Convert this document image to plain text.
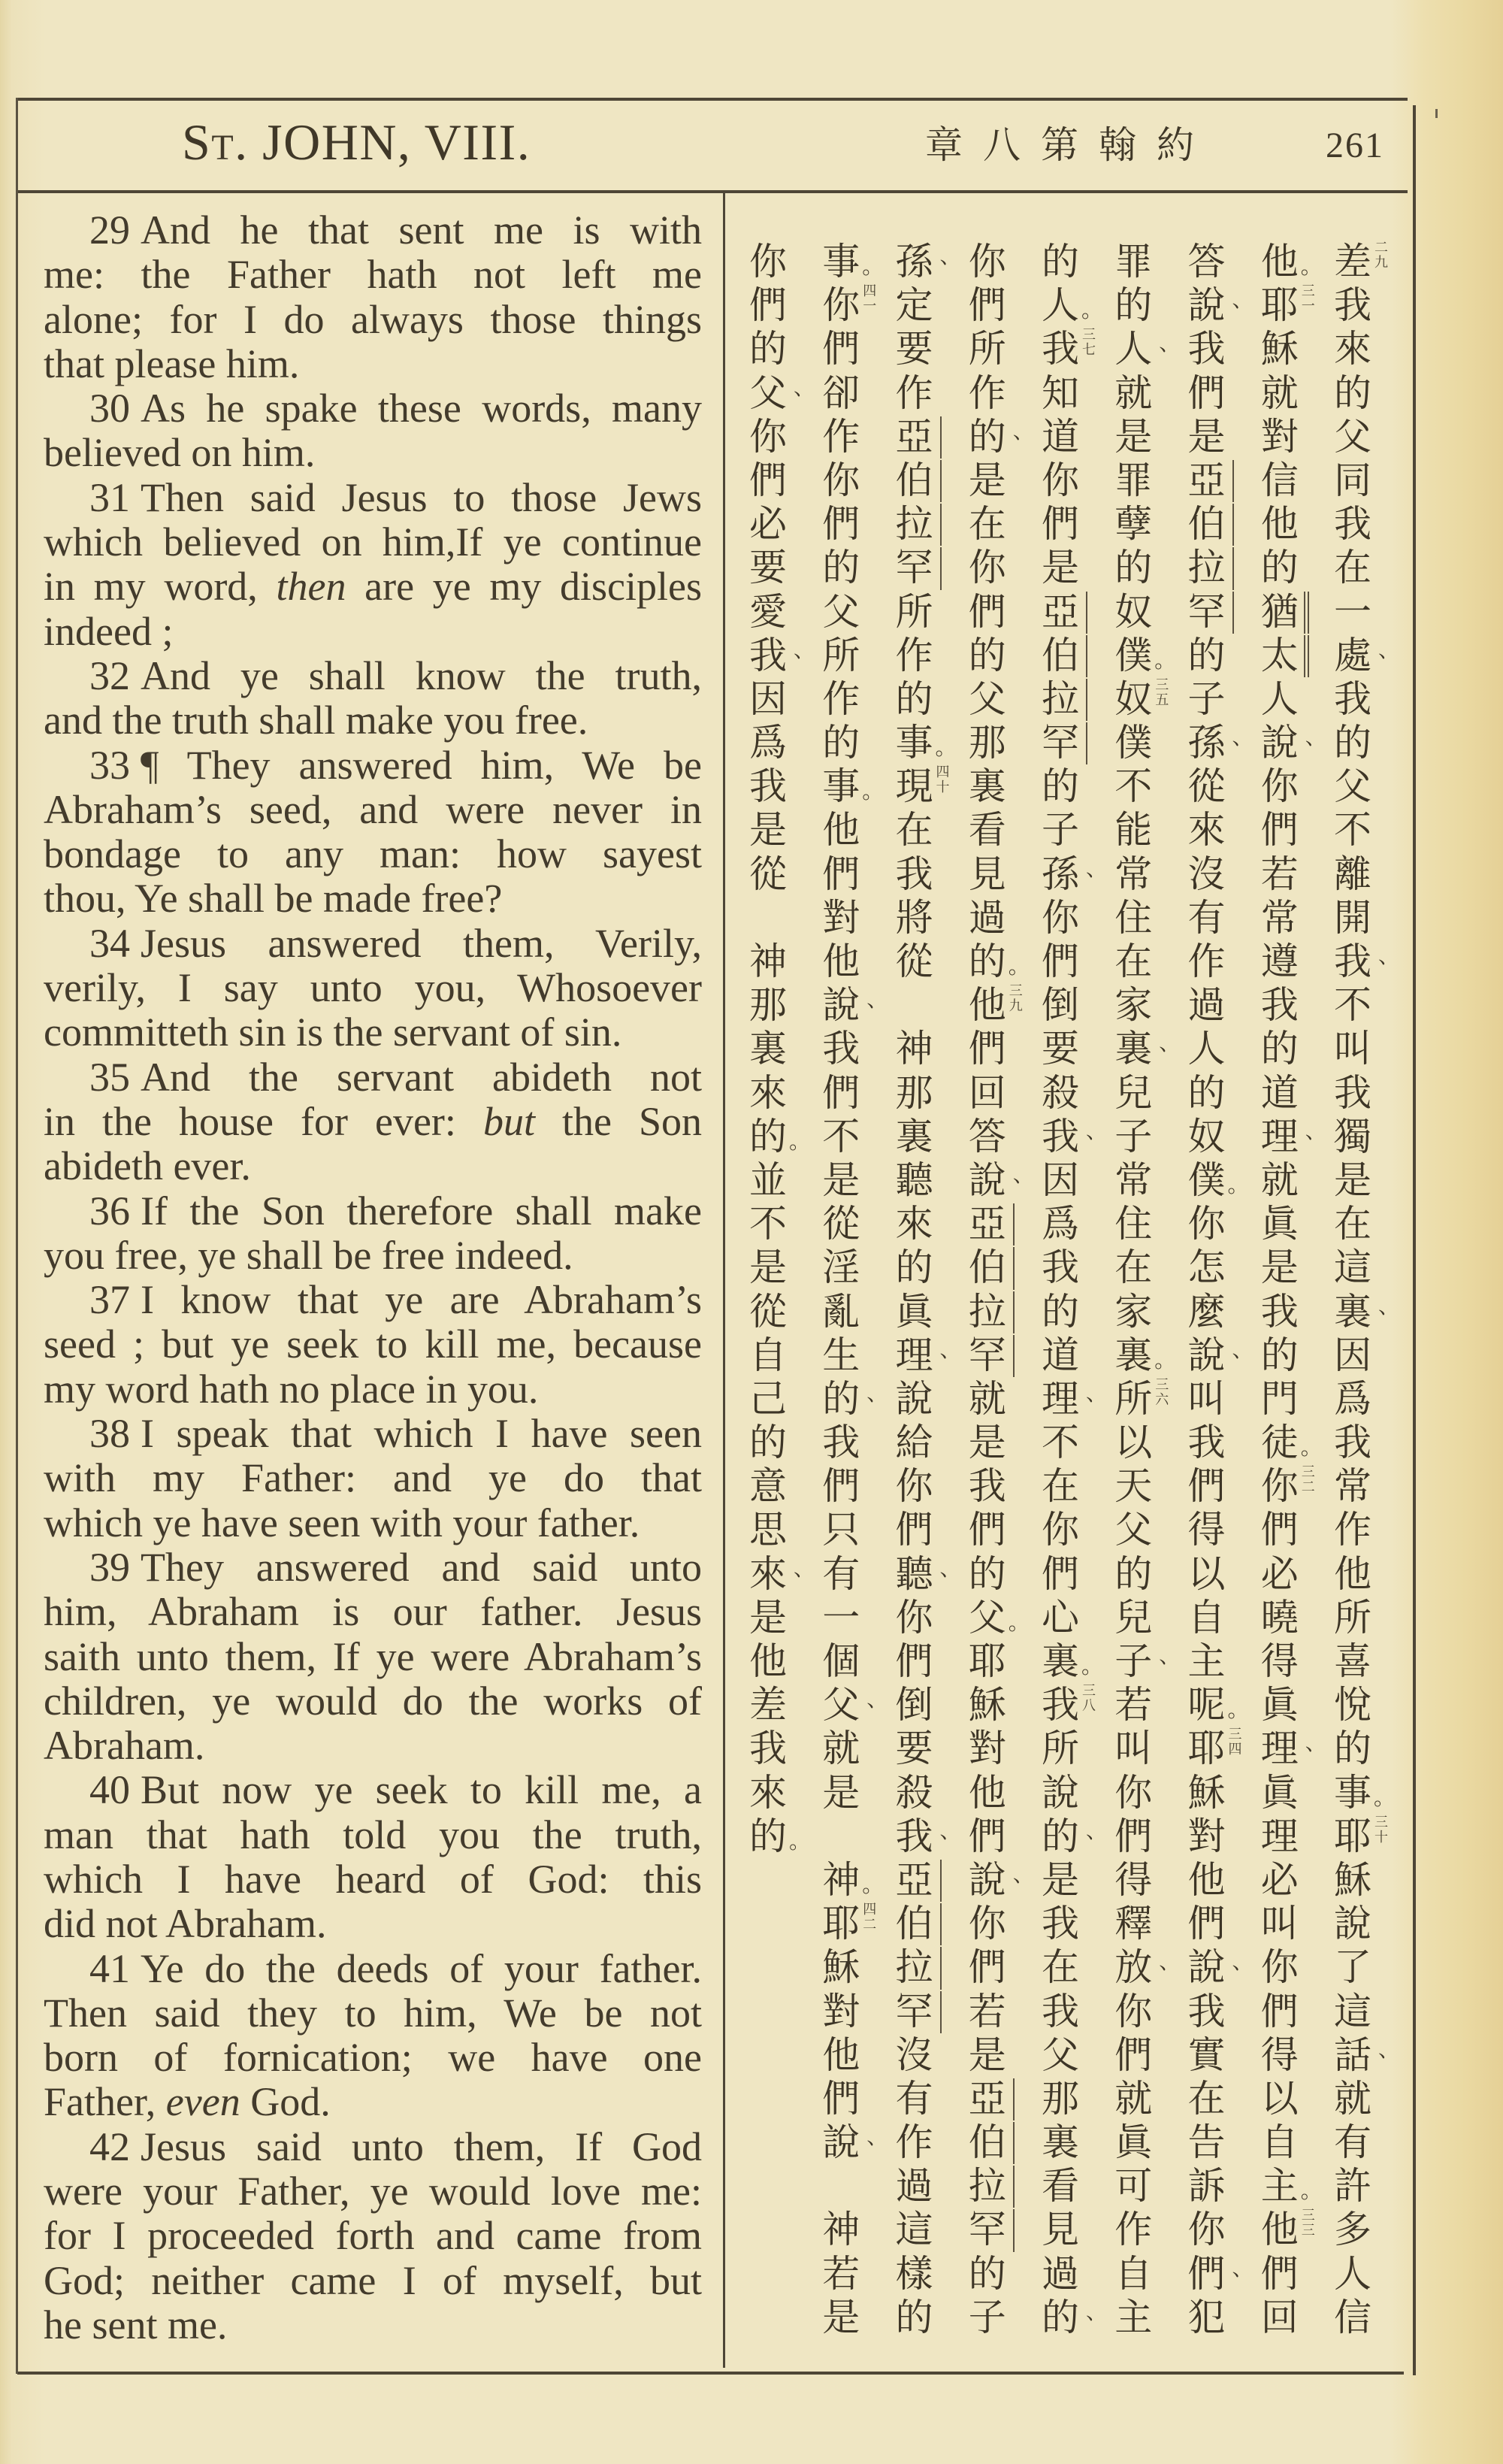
St. JOHN, VIII.	章八第翰約	261
29 And he that sent me is with
me: the Father hath not left me
alone; for I do always those things
that please him.
30 As he spake these words, many
believed on him.
31 Then said Jesus to those Jews
which believed on him,If ye continue
in my word, then are ye my disciples
indeed ;
32 And ye shall know the truth,
and the truth shall make you free.
33 ¶ They answered him, We be
Abraham’s seed, and were never in
bondage to any man: how sayest
thou, Ye shall be made free?
34 Jesus answered them, Verily,
verily, I say unto you, Whosoever
committeth sin is the servant of sin.
35 And the servant abideth not
in the house for ever: but the Son
abideth ever.
36 If the Son therefore shall make
you free, ye shall be free indeed.
37 I know that ye are Abraham’s
seed ; but ye seek to kill me, because
my word hath no place in you.
38 I speak that which I have seen
with my Father: and ye do that
which ye have seen with your father.
39 They answered and said unto
him, Abraham is our father. Jesus
saith unto them, If ye were Abraham’s
children, ye would do the works of
Abraham.
40 But now ye seek to kill me, a
man that hath told you the truth,
which I have heard of God: this
did not Abraham.
41 Ye do the deeds of your father.
Then said they to him, We be not
born of fornication; we have one
Father, even God.
42 Jesus said unto them, If God
were your Father, ye would love me:
for I proceeded forth and came from
God; neither came I of myself, but
he sent me.
差 二
九
我
來
的
父
同
我
在
一
處 、
我
的
父
不
離
開
我 、
不
叫
我
獨
是
在
這
裏 、
因
爲
我
常
作
他
所
喜
悅
的
事 。
耶 三
十
穌
說
了
這
話 、
就
有
許
多
人
信
他 。
耶 三
一
穌
就
對
信
他
的
猶
太
人
說 、
你
們
若
常
遵
我
的
道
理 、
就
眞
是
我
的
門
徒 。
你 三
二
們
必
曉
得
眞
理 、
眞
理
必
叫
你
們
得
以
自
主 。
他 三
三
們
回
答
說 、
我
們
是
亞
伯
拉
罕
的
子
孫 、
從
來
沒
有
作
過
人
的
奴
僕 。
你
怎
麼
說 、
叫
我
們
得
以
自
主
呢 。
耶 三
四
穌
對
他
們
說 、
我
實
在
告
訴
你
們 、
犯
罪
的
人 、
就
是
罪
孽
的
奴
僕 。
奴 三
五
僕
不
能
常
住
在
家
裏 、
兒
子
常
住
在
家
裏 。
所 三
六
以
天
父
的
兒
子 、
若
叫
你
們
得
釋
放 、
你
們
就
眞
可
作
自
主
的
人 。
我 三
七
知
道
你
們
是
亞
伯
拉
罕
的
子
孫 、
你
們
倒
要
殺
我 、
因
爲
我
的
道
理 、
不
在
你
們
心
裏 。
我 三
八
所
說
的 、
是
我
在
我
父
那
裏
看
見
過
的 、
你
們
所
作
的 、
是
在
你
們
的
父
那
裏
看
見
過
的 。
他 三
九
們
回
答
說 、
亞
伯
拉
罕
就
是
我
們
的
父 。
耶
穌
對
他
們
說 、
你
們
若
是
亞
伯
拉
罕
的
子
孫 、
定
要
作
亞
伯
拉
罕
所
作
的
事 。
現 四
十
在
我
將
從
神
那
裏
聽
來
的
眞
理 、
說
給
你
們
聽 、
你
們
倒
要
殺
我 、
亞
伯
拉
罕
沒
有
作
過
這
樣
的
事 。
你 四
一
們
卻
作
你
們
的
父
所
作
的
事 。
他
們
對
他
說 、
我
們
不
是
從
淫
亂
生
的 、
我
們
只
有
一
個
父 、
就
是
神 。
耶 四
二
穌
對
他
們
說 、
神
若
是
你
們
的
父 、
你
們
必
要
愛
我 、
因
爲
我
是
從
神
那
裏
來
的 。
並
不
是
從
自
己
的
意
思
來 、
是
他
差
我
來
的 。
